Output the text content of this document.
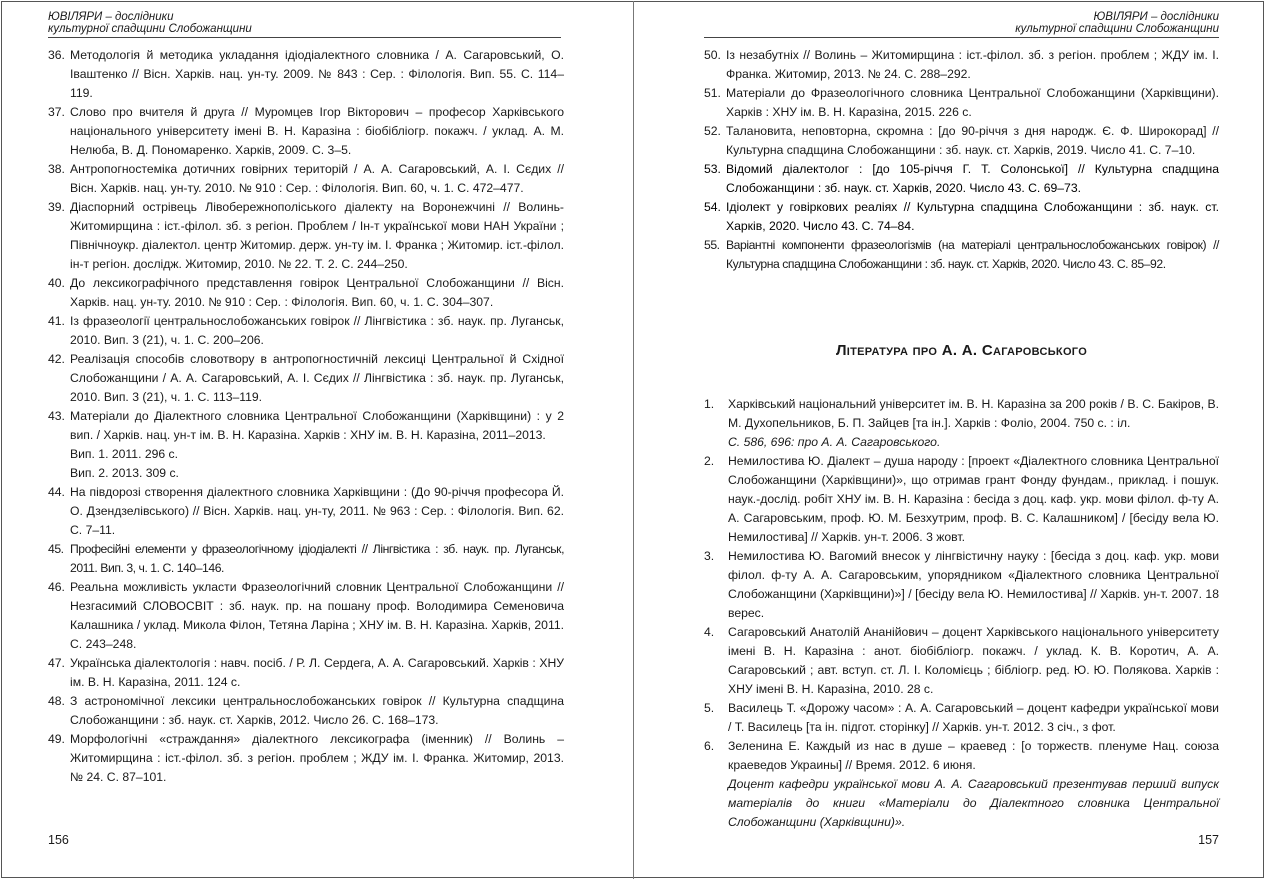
ЮВІЛЯРИ – дослідники
культурної спадщини Слобожанщини
36. Методологія й методика укладання ідіодіалектного словника / А. Сагаровський, О. Іваштенко // Вісн. Харків. нац. ун-ту. 2009. № 843 : Сер. : Філологія. Вип. 55. С. 114–119.
37. Слово про вчителя й друга // Муромцев Ігор Вікторович – професор Харківського національного університету імені В. Н. Каразіна : біобібліогр. покажч. / уклад. А. М. Нелюба, В. Д. Пономаренко. Харків, 2009. С. 3–5.
38. Антропогностеміка дотичних говірних територій / А. А. Сагаровський, А. І. Сєдих // Вісн. Харків. нац. ун-ту. 2010. № 910 : Сер. : Філологія. Вип. 60, ч. 1. С. 472–477.
39. Діаспорний острівець Лівобережнополіського діалекту на Воронежчині // Волинь-Житомирщина : іст.-філол. зб. з регіон. Проблем / Ін-т української мови НАН України ; Північноукр. діалектол. центр Житомир. держ. ун-ту ім. І. Франка ; Житомир. іст.-філол. ін-т регіон. дослідж. Житомир, 2010. № 22. Т. 2. С. 244–250.
40. До лексикографічного представлення говірок Центральної Слобожанщини // Вісн. Харків. нац. ун-ту. 2010. № 910 : Сер. : Філологія. Вип. 60, ч. 1. С. 304–307.
41. Із фразеології центральнослобожанських говірок // Лінгвістика : зб. наук. пр. Луганськ, 2010. Вип. 3 (21), ч. 1. С. 200–206.
42. Реалізація способів словотвору в антропогностичній лексиці Центральної й Східної Слобожанщини / А. А. Сагаровський, А. І. Сєдих // Лінгвістика : зб. наук. пр. Луганськ, 2010. Вип. 3 (21), ч. 1. С. 113–119.
43. Матеріали до Діалектного словника Центральної Слобожанщини (Харківщини) : у 2 вип. / Харків. нац. ун-т ім. В. Н. Каразіна. Харків : ХНУ ім. В. Н. Каразіна, 2011–2013.
Вип. 1. 2011. 296 с.
Вип. 2. 2013. 309 с.
44. На півдорозі створення діалектного словника Харківщини : (До 90-річчя професора Й. О. Дзендзелівського) // Вісн. Харків. нац. ун-ту, 2011. № 963 : Сер. : Філологія. Вип. 62. С. 7–11.
45. Професійні елементи у фразеологічному ідіодіалекті // Лінгвістика : зб. наук. пр. Луганськ, 2011. Вип. 3, ч. 1. С. 140–146.
46. Реальна можливість укласти Фразеологічний словник Центральної Слобожанщини // Незгасимий СЛОВОСВІТ : зб. наук. пр. на пошану проф. Володимира Семеновича Калашника / уклад. Микола Філон, Тетяна Ларіна ; ХНУ ім. В. Н. Каразіна. Харків, 2011. С. 243–248.
47. Українська діалектологія : навч. посіб. / Р. Л. Сердега, А. А. Сагаровський. Харків : ХНУ ім. В. Н. Каразіна, 2011. 124 с.
48. З астрономічної лексики центральнослобожанських говірок // Культурна спадщина Слобожанщини : зб. наук. ст. Харків, 2012. Число 26. С. 168–173.
49. Морфологічні «страждання» діалектного лексикографа (іменник) // Волинь – Житомирщина : іст.-філол. зб. з регіон. проблем ; ЖДУ ім. І. Франка. Житомир, 2013. № 24. С. 87–101.
156
ЮВІЛЯРИ – дослідники
культурної спадщини Слобожанщини
50. Із незабутніх // Волинь – Житомирщина : іст.-філол. зб. з регіон. проблем ; ЖДУ ім. І. Франка. Житомир, 2013. № 24. С. 288–292.
51. Матеріали до Фразеологічного словника Центральної Слобожанщини (Харківщини). Харків : ХНУ ім. В. Н. Каразіна, 2015. 226 с.
52. Талановита, неповторна, скромна : [до 90-річчя з дня народж. Є. Ф. Широкорад] // Культурна спадщина Слобожанщини : зб. наук. ст. Харків, 2019. Число 41. С. 7–10.
53. Відомий діалектолог : [до 105-річчя Г. Т. Солонської] // Культурна спадщина Слобожанщини : зб. наук. ст. Харків, 2020. Число 43. С. 69–73.
54. Ідіолект у говіркових реаліях // Культурна спадщина Слобожанщини : зб. наук. ст. Харків, 2020. Число 43. С. 74–84.
55. Варіантні компоненти фразеологізмів (на матеріалі центральнослобожанських говірок) // Культурна спадщина Слобожанщини : зб. наук. ст. Харків, 2020. Число 43. С. 85–92.
Література про А. А. Сагаровського
1. Харківський національний університет ім. В. Н. Каразіна за 200 років / В. С. Бакіров, В. М. Духопельников, Б. П. Зайцев [та ін.]. Харків : Фоліо, 2004. 750 с. : іл.
С. 586, 696: про А. А. Сагаровського.
2. Немилостива Ю. Діалект – душа народу : [проект «Діалектного словника Центральної Слобожанщини (Харківщини)», що отримав грант Фонду фундам., приклад. і пошук. наук.-дослід. робіт ХНУ ім. В. Н. Каразіна : бесіда з доц. каф. укр. мови філол. ф-ту А. А. Сагаровським, проф. Ю. М. Безхутрим, проф. В. С. Калашником] / [бесіду вела Ю. Немилостива] // Харків. ун-т. 2006. 3 жовт.
3. Немилостива Ю. Вагомий внесок у лінгвістичну науку : [бесіда з доц. каф. укр. мови філол. ф-ту А. А. Сагаровським, упорядником «Діалектного словника Центральної Слобожанщини (Харківщини)»] / [бесіду вела Ю. Немилостива] // Харків. ун-т. 2007. 18 верес.
4. Сагаровський Анатолій Ананійович – доцент Харківського національного університету імені В. Н. Каразіна : анот. біобібліогр. покажч. / уклад. К. В. Коротич, А. А. Сагаровський ; авт. вступ. ст. Л. І. Коломієць ; бібліогр. ред. Ю. Ю. Полякова. Харків : ХНУ імені В. Н. Каразіна, 2010. 28 с.
5. Василець Т. «Дорожу часом» : А. А. Сагаровський – доцент кафедри української мови / Т. Василець [та ін. підгот. сторінку] // Харків. ун-т. 2012. 3 січ., з фот.
6. Зеленина Е. Каждый из нас в душе – краевед : [о торжеств. пленуме Нац. союза краеведов Украины] // Время. 2012. 6 июня.
Доцент кафедри української мови А. А. Сагаровський презентував перший випуск матеріалів до книги «Матеріали до Діалектного словника Центральної Слобожанщини (Харківщини)».
157
